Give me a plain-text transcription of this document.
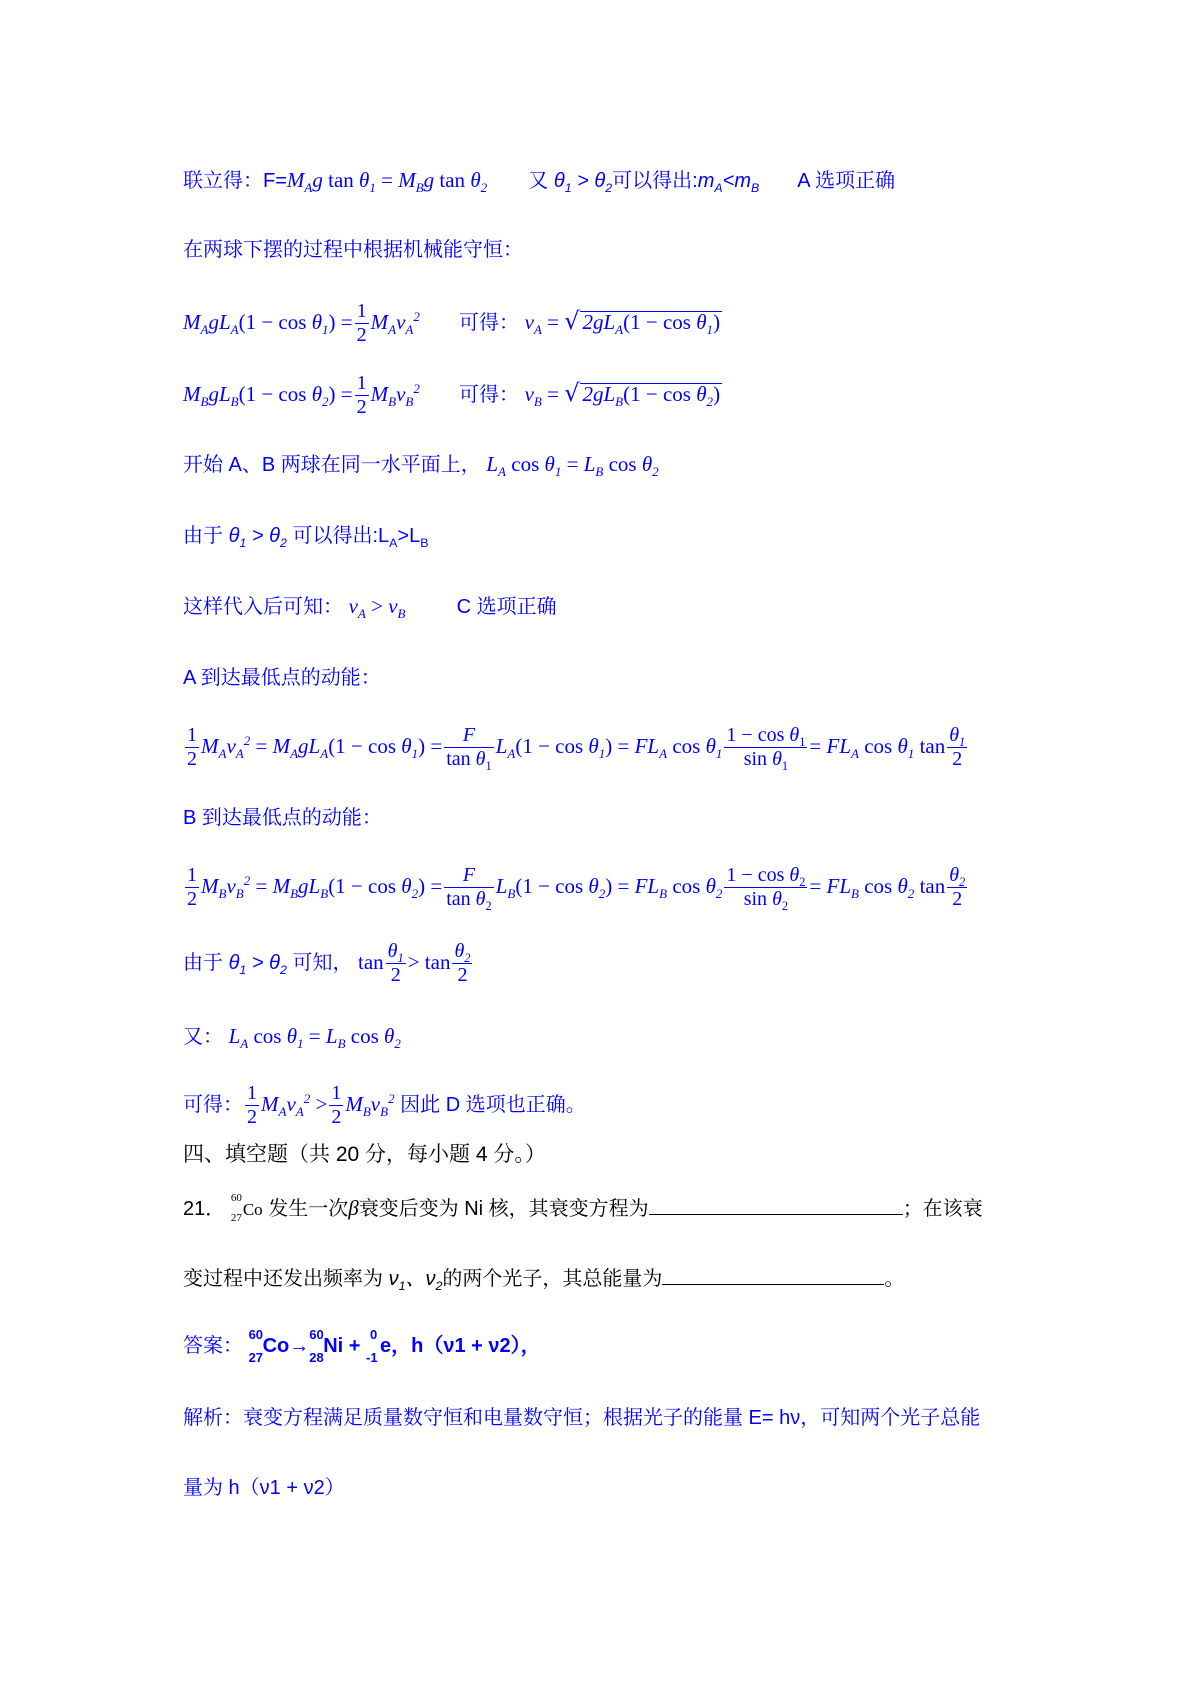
联立得：$F=M_Ag$ $\tan \theta_1 = M_Bg$ $\tan \theta_2$ 又 $\theta_1 > \theta_2$可以得出$:m_A<m_B$ A 选项正确
在两球下摆的过程中根据机械能守恒：
$M_AgL_A(1 - \cos \theta_1) = \frac{1}{2} M_Av_A^2$ 可得： $v_A$ = √ $2gL_A(1 - \cos \theta_1)$
$M_BgL_B(1 - \cos \theta_2) = \frac{1}{2} M_Bv_B^2$ 可得： $v_B$ = √ $2gL_B(1 - \cos \theta_2)$
开始 A、B 两球在同一水平面上， $L_A$ $\cos \theta_1 = L_B$ $\cos \theta_2$
由于 $\theta_1 > \theta_2$ 可以得出$:L_A>L_B$
这样代入后可知： $v_A > v_B$	C 选项正确
A 到达最低点的动能：
$\frac{1}{2} M_Av_A^2 = M_AgL_A(1 - \cos \theta_1) = \frac{F}{\tan \theta_1} L_A(1 - \cos \theta_1) = FL_A$ $\cos \theta_1 \frac{1 - \cos \theta_1}{\sin \theta_1} = FL_A$ $\cos \theta_1$ $\tan \frac{\theta_1}{2}$
B 到达最低点的动能：
$\frac{1}{2} M_Bv_B^2 = M_BgL_B(1 - \cos \theta_2) = \frac{F}{\tan \theta_2} L_B(1 - \cos \theta_2) = FL_B$ $\cos \theta_2 \frac{1 - \cos \theta_2}{\sin \theta_2} = FL_B$ $\cos \theta_2$ $\tan \frac{\theta_2}{2}$
由于 $\theta_1 > \theta_2$ 可知， $\tan \frac{\theta_1}{2} > \tan \frac{\theta_2}{2}$
又： $L_A$ $\cos \theta_1 = L_B$ $\cos \theta_2$
可得： $\frac{1}{2} M_Av_A^2 > \frac{1}{2} M_Bv_B^2$ 因此 D 选项也正确。
四、填空题（共 20 分，每小题 4 分。）
21． 60
27 Co 发生一次β衰变后变为 Ni 核，其衰变方程为	；在该衰
变过程中还发出频率为 $\nu_1$、$\nu_2$的两个光子，其总能量为	。
答案：
60
27
Co→
60
28
Ni +
0
-1
e，h（ν1 + ν2），
解析：衰变方程满足质量数守恒和电量数守恒；根据光子的能量 E= hν，可知两个光子总能
量为 h（ν1 + ν2）
